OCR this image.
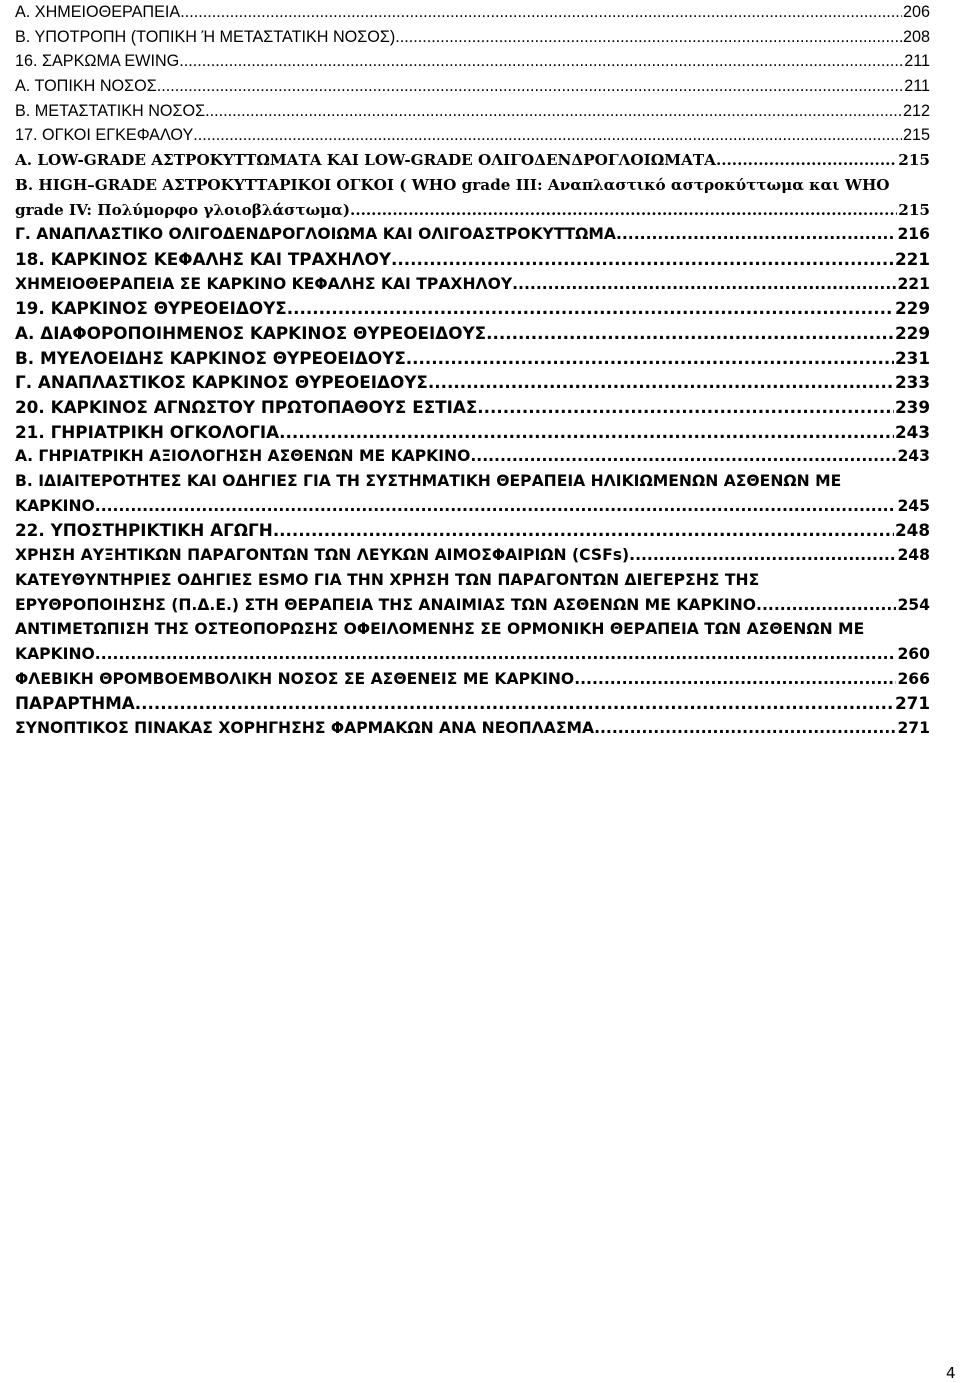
Α. ΧΗΜΕΙΟΘΕΡΑΠΕΙΑ .....	206
Β. ΥΠΟΤΡΟΠΗ (ΤΟΠΙΚΗ Ή ΜΕΤΑΣΤΑΤΙΚΗ ΝΟΣΟΣ) .....	208
16. ΣΑΡΚΩΜΑ EWING .....	211
Α. ΤΟΠΙΚΗ ΝΟΣΟΣ .....	211
Β. ΜΕΤΑΣΤΑΤΙΚΗ ΝΟΣΟΣ .....	212
17. ΟΓΚΟΙ ΕΓΚΕΦΑΛΟΥ .....	215
Α. LOW-GRADE ΑΣΤΡΟΚΥΤΤΩΜΑΤΑ ΚΑΙ LOW-GRADE ΟΛΙΓΟΔΕΝΔΡΟΓΛΟΙΩΜΑΤΑ .....	215
Β. HIGH–GRADE ΑΣΤΡΟΚΥΤΤΑΡΙΚΟΙ ΟΓΚΟΙ ( WHO grade III: Αναπλαστικό αστροκύττωμα και WHO
grade IV: Πολύμορφο γλοιοβλάστωμα) .....	215
Γ. ΑΝΑΠΛΑΣΤΙΚΟ ΟΛΙΓΟΔΕΝΔΡΟΓΛΟΙΩΜΑ ΚΑΙ ΟΛΙΓΟΑΣΤΡΟΚΥΤΤΩΜΑ .....	216
18. ΚΑΡΚΙΝΟΣ ΚΕΦΑΛΗΣ ΚΑΙ ΤΡΑΧΗΛΟΥ .....	221
ΧΗΜΕΙΟΘΕΡΑΠΕΙΑ ΣΕ ΚΑΡΚΙΝΟ ΚΕΦΑΛΗΣ ΚΑΙ ΤΡΑΧΗΛΟΥ .....	221
19. ΚΑΡΚΙΝΟΣ ΘΥΡΕΟΕΙΔΟΥΣ .....	229
Α. ΔΙΑΦΟΡΟΠΟΙΗΜΕΝΟΣ ΚΑΡΚΙΝΟΣ ΘΥΡΕΟΕΙΔΟΥΣ .....	229
Β. ΜΥΕΛΟΕΙΔΗΣ ΚΑΡΚΙΝΟΣ ΘΥΡΕΟΕΙΔΟΥΣ .....	231
Γ. ΑΝΑΠΛΑΣΤΙΚΟΣ ΚΑΡΚΙΝΟΣ ΘΥΡΕΟΕΙΔΟΥΣ .....	233
20. ΚΑΡΚΙΝΟΣ ΑΓΝΩΣΤΟΥ ΠΡΩΤΟΠΑΘΟΥΣ ΕΣΤΙΑΣ .....	239
21. ΓΗΡΙΑΤΡΙΚΗ ΟΓΚΟΛΟΓΙΑ .....	243
Α. ΓΗΡΙΑΤΡΙΚΗ ΑΞΙΟΛΟΓΗΣΗ ΑΣΘΕΝΩΝ ΜΕ ΚΑΡΚΙΝΟ .....	243
Β. ΙΔΙΑΙΤΕΡΟΤΗΤΕΣ ΚΑΙ ΟΔΗΓΙΕΣ ΓΙΑ ΤΗ ΣΥΣΤΗΜΑΤΙΚΗ ΘΕΡΑΠΕΙΑ ΗΛΙΚΙΩΜΕΝΩΝ ΑΣΘΕΝΩΝ ΜΕ
ΚΑΡΚΙΝΟ .....	245
22. ΥΠΟΣΤΗΡΙΚΤΙΚΗ ΑΓΩΓΗ .....	248
ΧΡΗΣΗ ΑΥΞΗΤΙΚΩΝ ΠΑΡΑΓΟΝΤΩΝ ΤΩΝ ΛΕΥΚΩΝ ΑΙΜΟΣΦΑΙΡΙΩΝ (CSFs) .....	248
ΚΑΤΕΥΘΥΝΤΗΡΙΕΣ ΟΔΗΓΙΕΣ ESMO ΓΙΑ ΤΗΝ ΧΡΗΣΗ ΤΩΝ ΠΑΡΑΓΟΝΤΩΝ ΔΙΕΓΕΡΣΗΣ ΤΗΣ
ΕΡΥΘΡΟΠΟΙΗΣΗΣ (Π.Δ.Ε.) ΣΤΗ ΘΕΡΑΠΕΙΑ ΤΗΣ ΑΝΑΙΜΙΑΣ ΤΩΝ ΑΣΘΕΝΩΝ ΜΕ ΚΑΡΚΙΝΟ .....	254
ΑΝΤΙΜΕΤΩΠΙΣΗ ΤΗΣ ΟΣΤΕΟΠΟΡΩΣΗΣ ΟΦΕΙΛΟΜΕΝΗΣ ΣΕ ΟΡΜΟΝΙΚΗ ΘΕΡΑΠΕΙΑ ΤΩΝ ΑΣΘΕΝΩΝ ΜΕ
ΚΑΡΚΙΝΟ .....	260
ΦΛΕΒΙΚΗ ΘΡΟΜΒΟΕΜΒΟΛΙΚΗ ΝΟΣΟΣ ΣΕ ΑΣΘΕΝΕΙΣ ΜΕ ΚΑΡΚΙΝΟ .....	266
ΠΑΡΑΡΤΗΜΑ .....	271
ΣΥΝΟΠΤΙΚΟΣ ΠΙΝΑΚΑΣ ΧΟΡΗΓΗΣΗΣ ΦΑΡΜΑΚΩΝ ΑΝΑ ΝΕΟΠΛΑΣΜΑ .....	271
4
